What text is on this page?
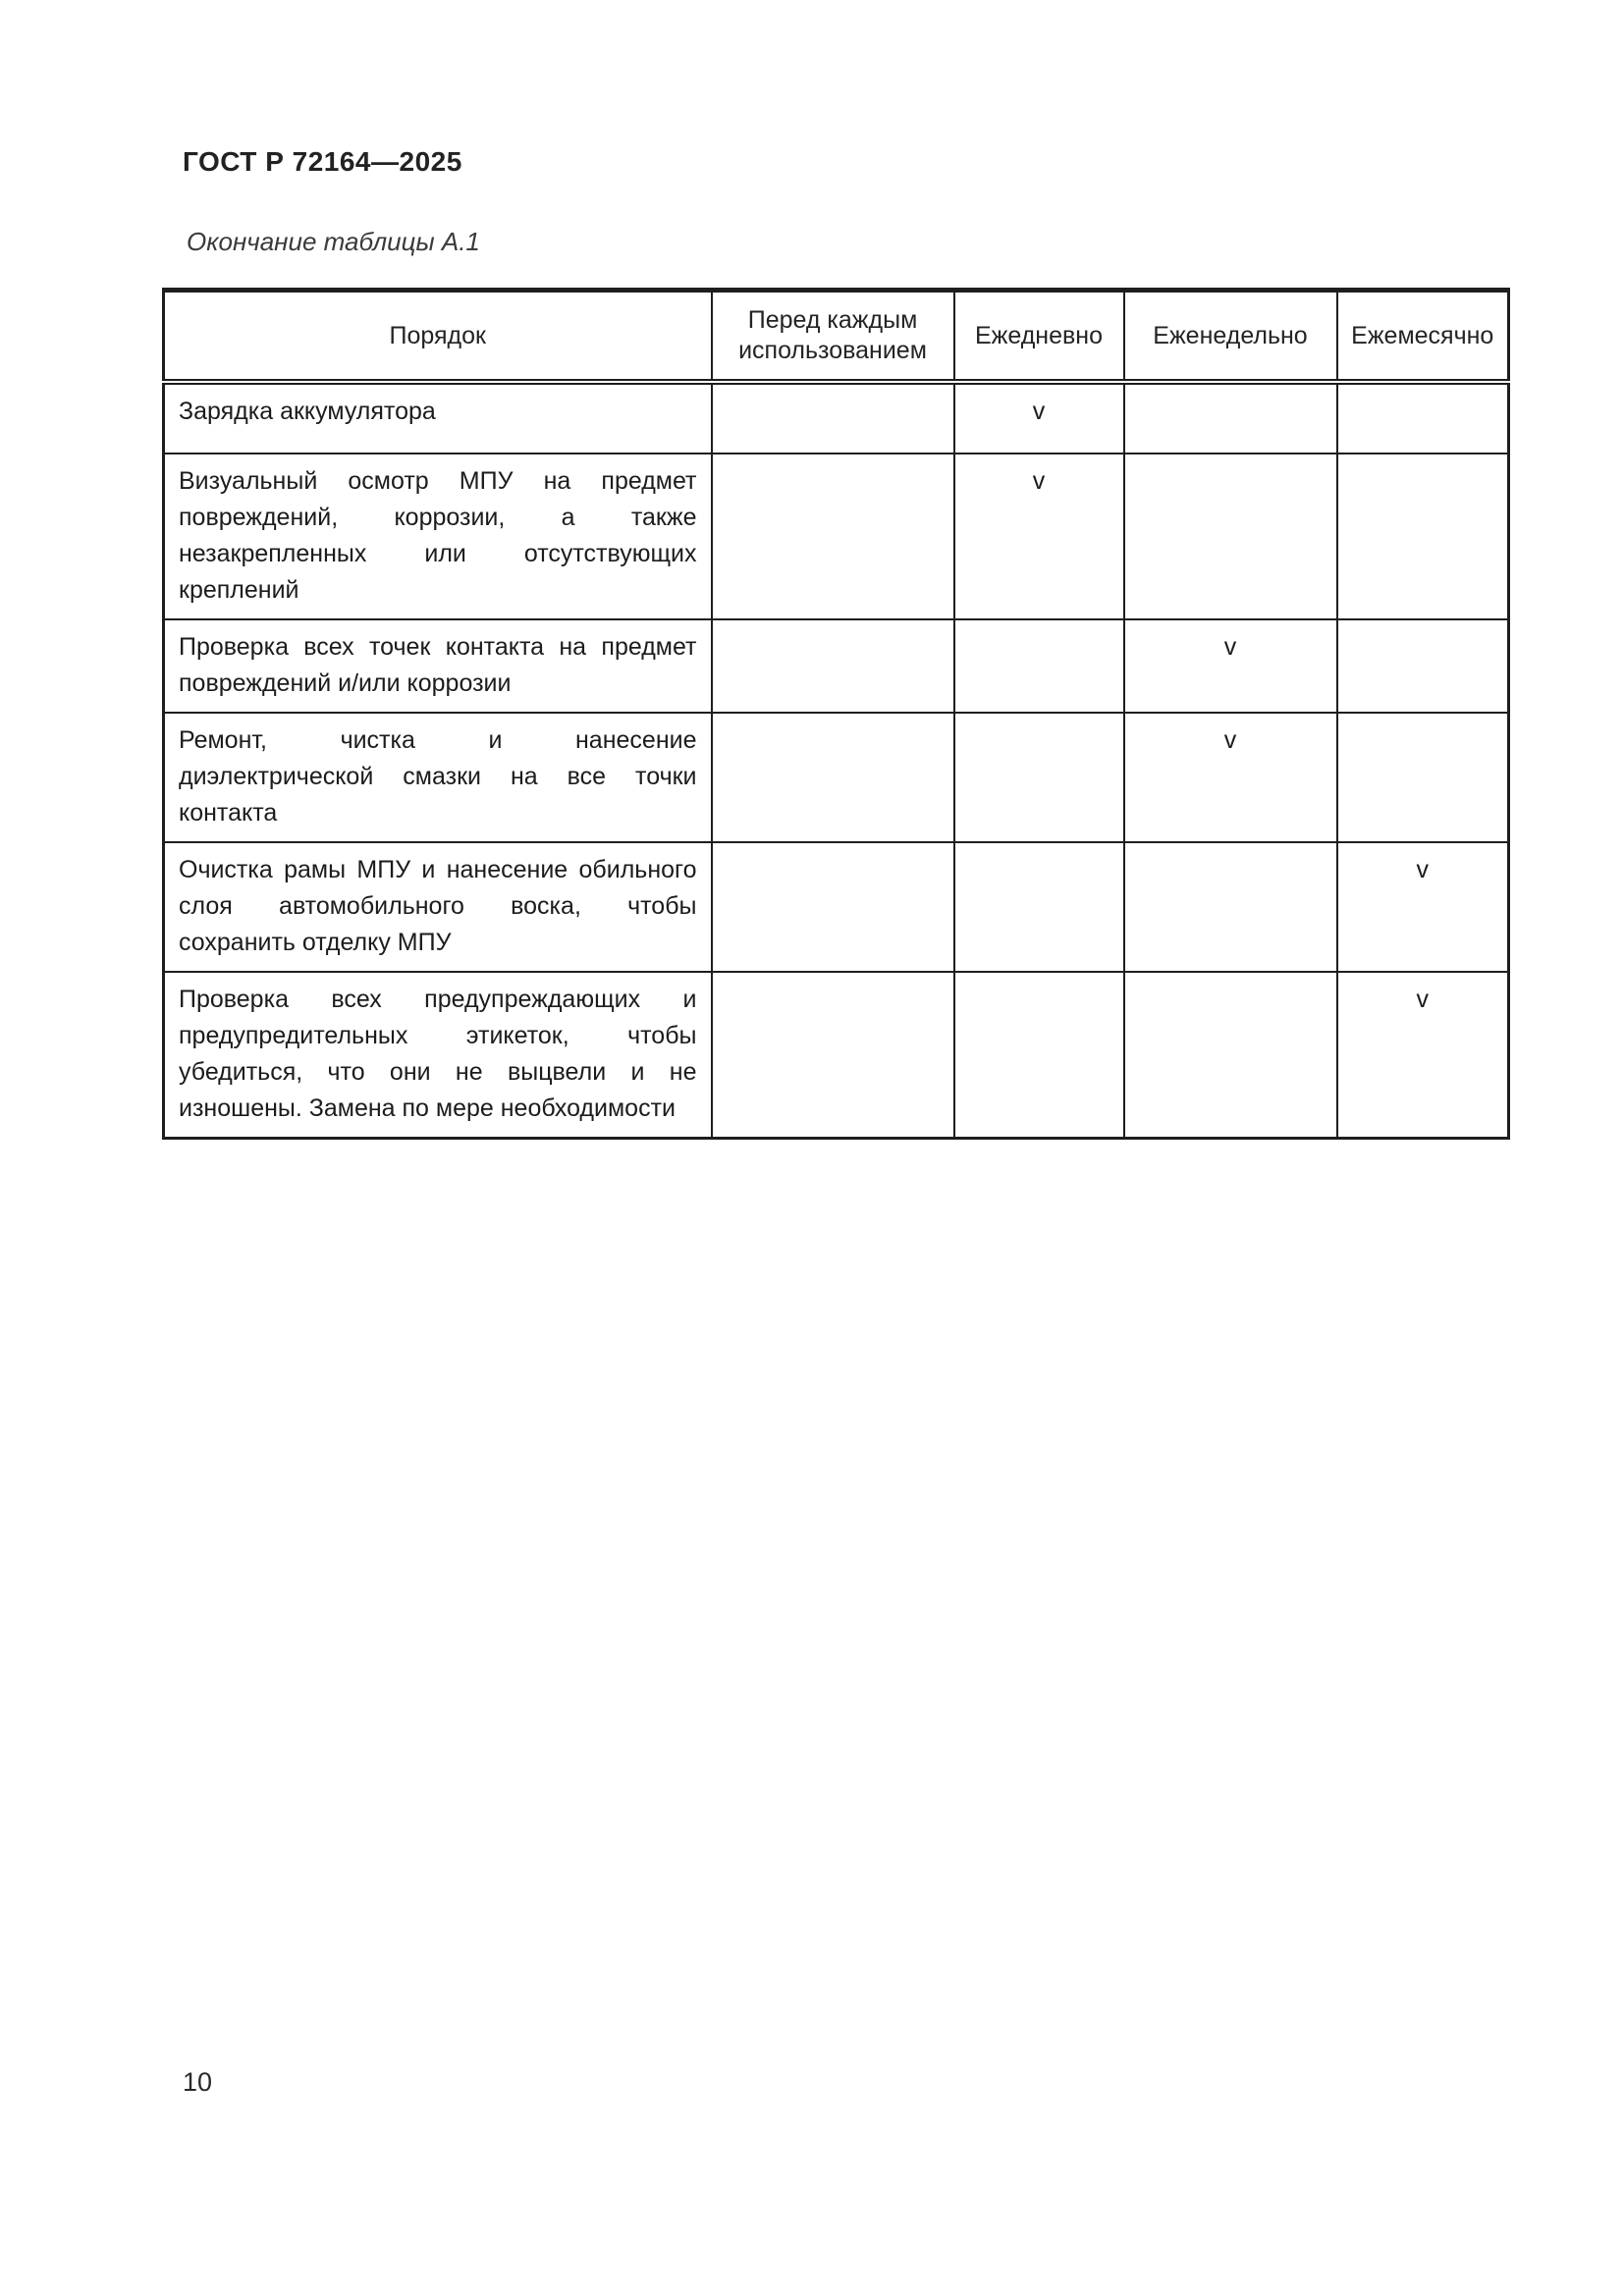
ГОСТ Р 72164—2025
Окончание таблицы А.1
Порядок	Перед каждым использованием	Ежедневно	Еженедельно	Ежемесячно
Зарядка аккумулятора		v		
Визуальный осмотр МПУ на предмет повреждений, коррозии, а также незакрепленных или отсутствующих креплений		v		
Проверка всех точек контакта на предмет повреждений и/или коррозии			v	
Ремонт, чистка и нанесение диэлектрической смазки на все точки контакта			v	
Очистка рамы МПУ и нанесение обильного слоя автомобильного воска, чтобы сохранить отделку МПУ				v
Проверка всех предупреждающих и предупредительных этикеток, чтобы убедиться, что они не выцвели и не изношены. Замена по мере необходимости				v
10
